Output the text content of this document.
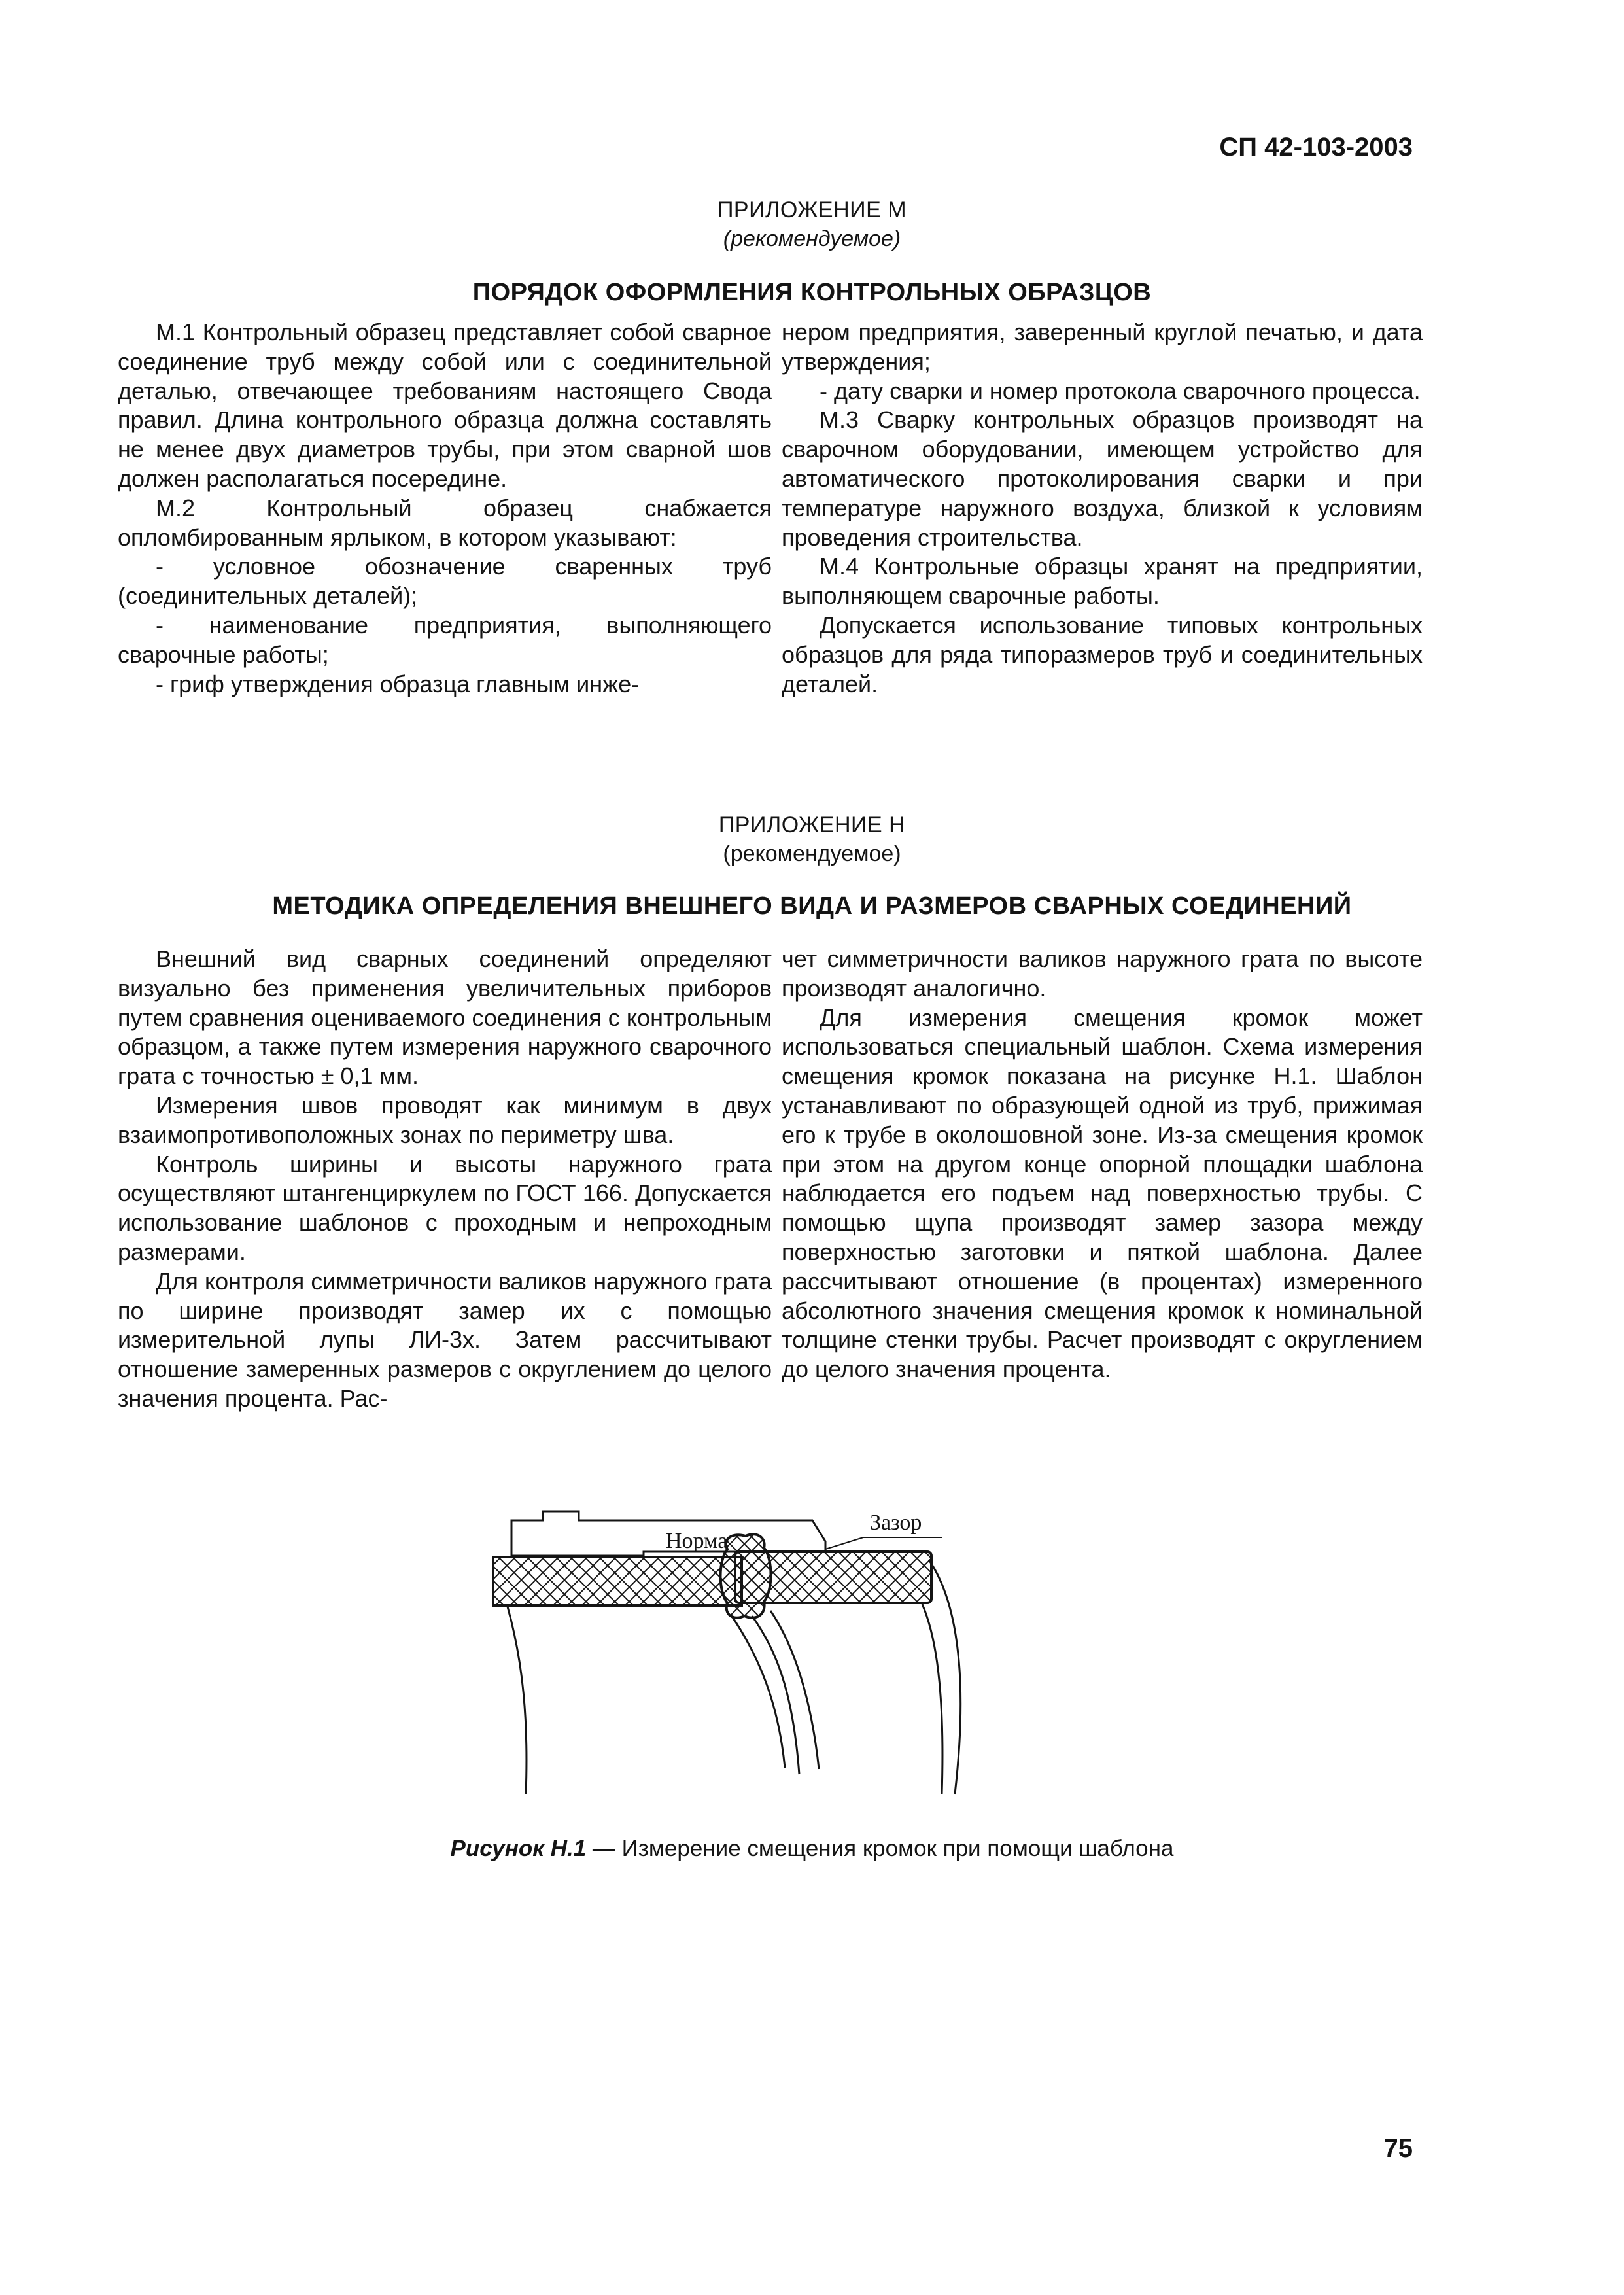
СП 42-103-2003
ПРИЛОЖЕНИЕ М
(рекомендуемое)
ПОРЯДОК ОФОРМЛЕНИЯ КОНТРОЛЬНЫХ ОБРАЗЦОВ

М.1 Контрольный образец представляет собой сварное соединение труб между собой или с соединительной деталью, отвечающее требованиям настоящего Свода правил. Длина контрольного образца должна составлять не менее двух диаметров трубы, при этом сварной шов должен располагаться посередине.

М.2 Контрольный образец снабжается опломбированным ярлыком, в котором указывают:

- условное обозначение сваренных труб (соединительных деталей);

- наименование предприятия, выполняющего сварочные работы;

- гриф утверждения образца главным инже-

нером предприятия, заверенный круглой печатью, и дата утверждения;

- дату сварки и номер протокола сварочного процесса.

М.3 Сварку контрольных образцов производят на сварочном оборудовании, имеющем устройство для автоматического протоколирования сварки и при температуре наружного воздуха, близкой к условиям проведения строительства.

М.4 Контрольные образцы хранят на предприятии, выполняющем сварочные работы.

Допускается использование типовых контрольных образцов для ряда типоразмеров труб и соединительных деталей.

ПРИЛОЖЕНИЕ Н
(рекомендуемое)
МЕТОДИКА ОПРЕДЕЛЕНИЯ ВНЕШНЕГО ВИДА И РАЗМЕРОВ СВАРНЫХ СОЕДИНЕНИЙ

Внешний вид сварных соединений определяют визуально без применения увеличительных приборов путем сравнения оцениваемого соединения с контрольным образцом, а также путем измерения наружного сварочного грата с точностью ± 0,1 мм.

Измерения швов проводят как минимум в двух взаимопротивоположных зонах по периметру шва.

Контроль ширины и высоты наружного грата осуществляют штангенциркулем по ГОСТ 166. Допускается использование шаблонов с проходным и непроходным размерами.

Для контроля симметричности валиков наружного грата по ширине производят замер их с помощью измерительной лупы ЛИ-3х. Затем рассчитывают отношение замеренных размеров с округлением до целого значения процента. Рас-

чет симметричности валиков наружного грата по высоте производят аналогично.

Для измерения смещения кромок может использоваться специальный шаблон. Схема измерения смещения кромок показана на рисунке Н.1. Шаблон устанавливают по образующей одной из труб, прижимая его к трубе в околошовной зоне. Из-за смещения кромок при этом на другом конце опорной площадки шаблона наблюдается его подъем над поверхностью трубы. С помощью щупа производят замер зазора между поверхностью заготовки и пяткой шаблона. Далее рассчитывают отношение (в процентах) измеренного абсолютного значения смещения кромок к номинальной толщине стенки трубы. Расчет производят с округлением до целого значения процента.

Зазор
Норма
Рисунок Н.1 — Измерение смещения кромок при помощи шаблона
75
